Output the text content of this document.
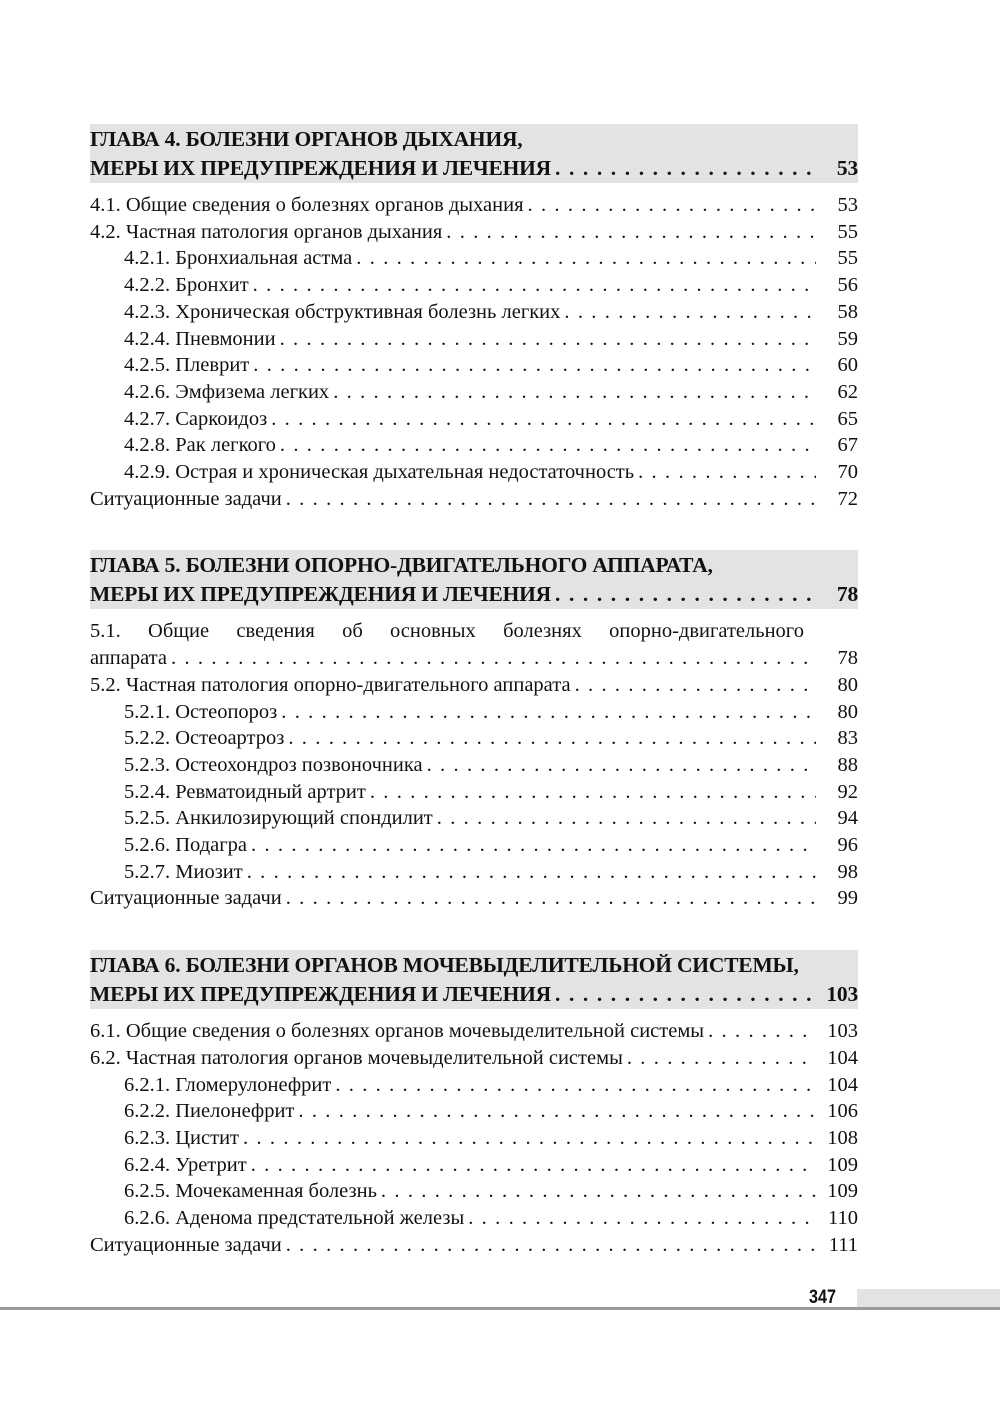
ГЛАВА 4. БОЛЕЗНИ ОРГАНОВ ДЫХАНИЯ,
МЕРЫ ИХ ПРЕДУПРЕЖДЕНИЯ И ЛЕЧЕНИЯ . . .	53
4.1. Общие сведения о болезнях органов дыхания . . .	53
4.2. Частная патология органов дыхания . . .	55
4.2.1. Бронхиальная астма . . .	55
4.2.2. Бронхит . . .	56
4.2.3. Хроническая обструктивная болезнь легких . . .	58
4.2.4. Пневмонии . . .	59
4.2.5. Плеврит . . .	60
4.2.6. Эмфизема легких . . .	62
4.2.7. Саркоидоз . . .	65
4.2.8. Рак легкого . . .	67
4.2.9. Острая и хроническая дыхательная недостаточность . . .	70
Ситуационные задачи . . .	72
ГЛАВА 5. БОЛЕЗНИ ОПОРНО-ДВИГАТЕЛЬНОГО АППАРАТА,
МЕРЫ ИХ ПРЕДУПРЕЖДЕНИЯ И ЛЕЧЕНИЯ . . .	78
5.1. Общие сведения об основных болезнях опорно-двигательного
аппарата . . .	78
5.2. Частная патология опорно-двигательного аппарата . . .	80
5.2.1. Остеопороз . . .	80
5.2.2. Остеоартроз . . .	83
5.2.3. Остеохондроз позвоночника . . .	88
5.2.4. Ревматоидный артрит . . .	92
5.2.5. Анкилозирующий спондилит . . .	94
5.2.6. Подагра . . .	96
5.2.7. Миозит . . .	98
Ситуационные задачи . . .	99
ГЛАВА 6. БОЛЕЗНИ ОРГАНОВ МОЧЕВЫДЕЛИТЕЛЬНОЙ СИСТЕМЫ,
МЕРЫ ИХ ПРЕДУПРЕЖДЕНИЯ И ЛЕЧЕНИЯ . . .	103
6.1. Общие сведения о болезнях органов мочевыделительной системы . . .	103
6.2. Частная патология органов мочевыделительной системы . . .	104
6.2.1. Гломерулонефрит . . .	104
6.2.2. Пиелонефрит . . .	106
6.2.3. Цистит . . .	108
6.2.4. Уретрит . . .	109
6.2.5. Мочекаменная болезнь . . .	109
6.2.6. Аденома предстательной железы . . .	110
Ситуационные задачи . . .	111
347
